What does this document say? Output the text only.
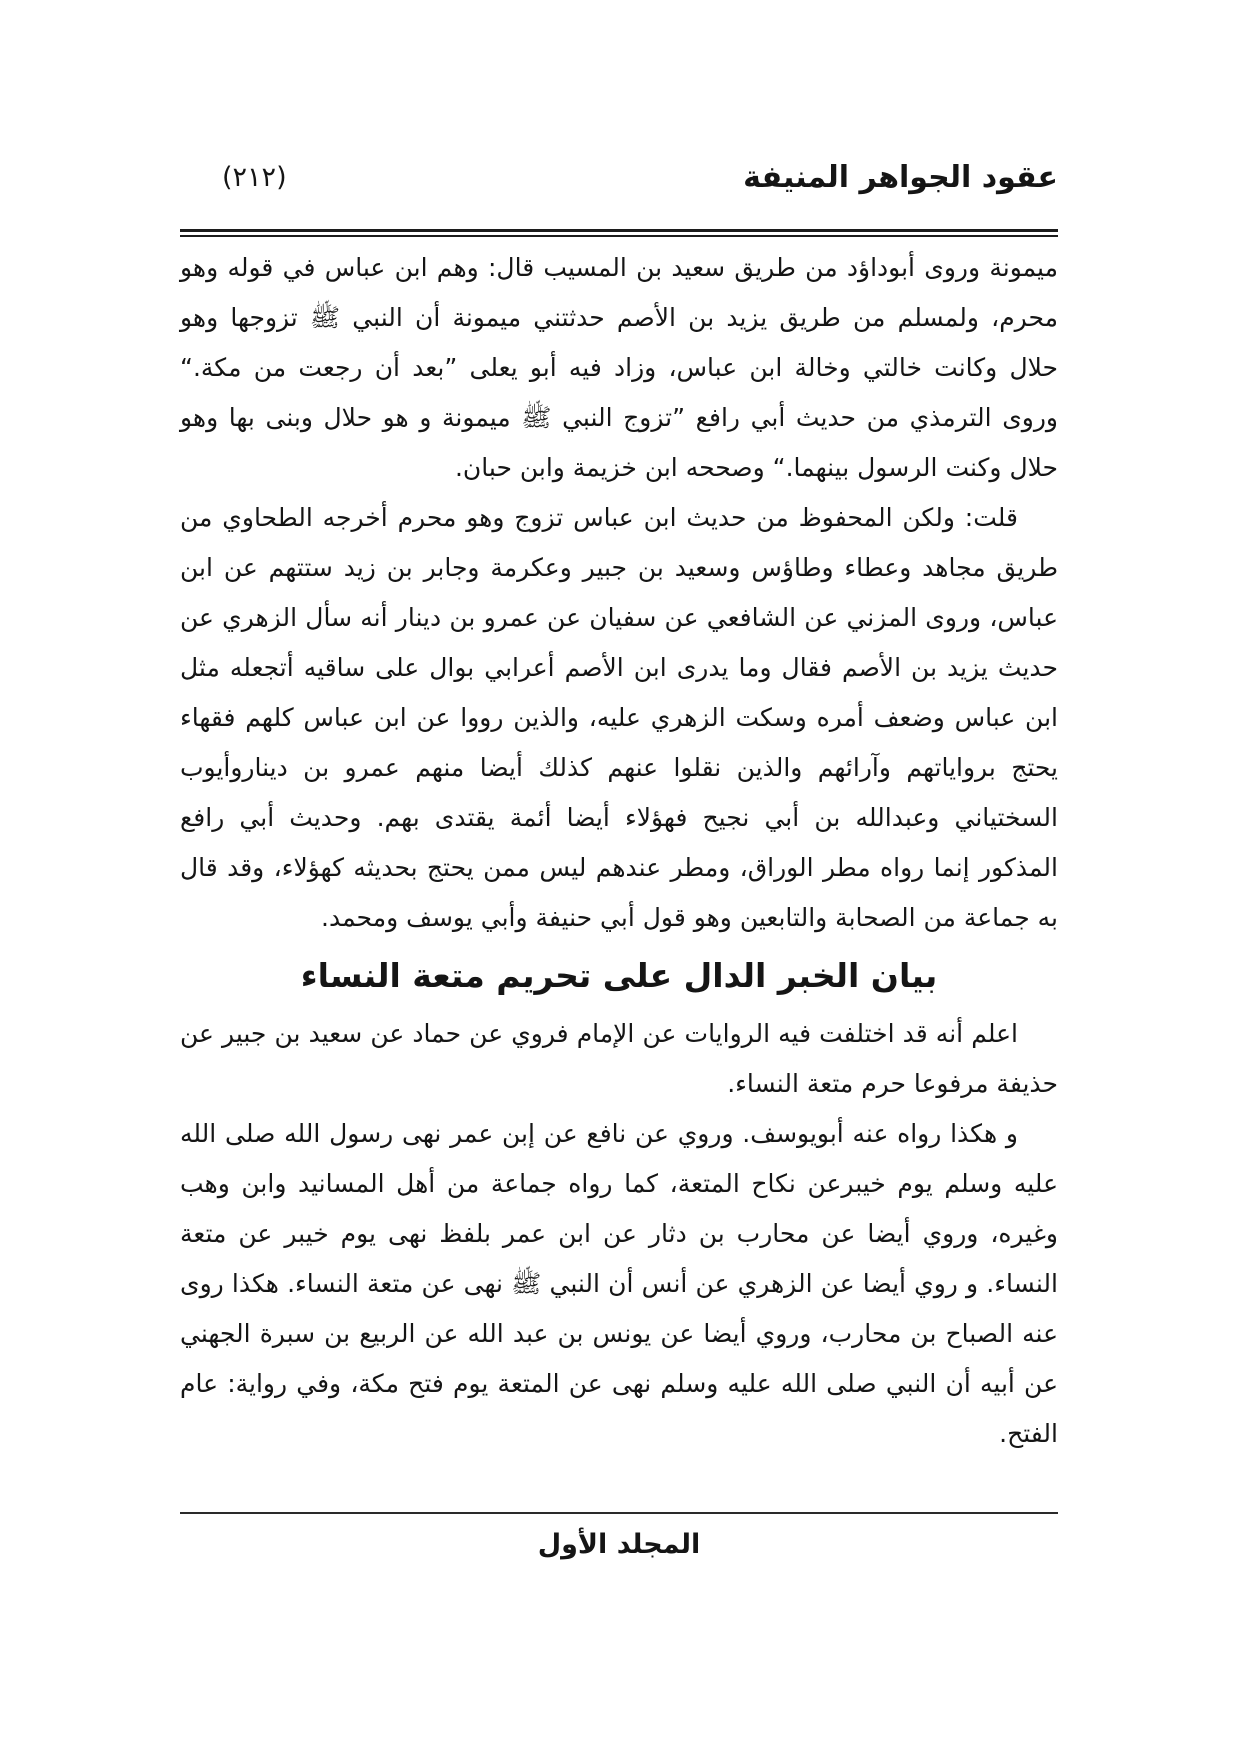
عقود الجواهر المنيفة
(٢١٢)

ميمونة وروى أبوداؤد من طريق سعيد بن المسيب قال: وهم ابن عباس في قوله وهو محرم، ولمسلم من طريق يزيد بن الأصم حدثتني ميمونة أن النبي ﷺ تزوجها وهو حلال وكانت خالتي وخالة ابن عباس، وزاد فيه أبو يعلى ”بعد أن رجعت من مكة.“ وروى الترمذي من حديث أبي رافع ”تزوج النبي ﷺ ميمونة و هو حلال وبنى بها وهو حلال وكنت الرسول بينهما.“ وصححه ابن خزيمة وابن حبان.

قلت: ولكن المحفوظ من حديث ابن عباس تزوج وهو محرم أخرجه الطحاوي من طريق مجاهد وعطاء وطاؤس وسعيد بن جبير وعكرمة وجابر بن زيد ستتهم عن ابن عباس، وروى المزني عن الشافعي عن سفيان عن عمرو بن دينار أنه سأل الزهري عن حديث يزيد بن الأصم فقال وما يدرى ابن الأصم أعرابي بوال على ساقيه أتجعله مثل ابن عباس وضعف أمره وسكت الزهري عليه، والذين رووا عن ابن عباس كلهم فقهاء يحتج برواياتهم وآرائهم والذين نقلوا عنهم كذلك أيضا منهم عمرو بن ديناروأيوب السختياني وعبدالله بن أبي نجيح فهؤلاء أيضا أئمة يقتدى بهم. وحديث أبي رافع المذكور إنما رواه مطر الوراق، ومطر عندهم ليس ممن يحتج بحديثه كهؤلاء، وقد قال به جماعة من الصحابة والتابعين وهو قول أبي حنيفة وأبي يوسف ومحمد.

بيان الخبر الدال على تحريم متعة النساء

اعلم أنه قد اختلفت فيه الروايات عن الإمام فروي عن حماد عن سعيد بن جبير عن حذيفة مرفوعا حرم متعة النساء.

و هكذا رواه عنه أبويوسف. وروي عن نافع عن إبن عمر نهى رسول الله صلى الله عليه وسلم يوم خيبرعن نكاح المتعة، كما رواه جماعة من أهل المسانيد وابن وهب وغيره، وروي أيضا عن محارب بن دثار عن ابن عمر بلفظ نهى يوم خيبر عن متعة النساء. و روي أيضا عن الزهري عن أنس أن النبي ﷺ نهى عن متعة النساء. هكذا روى عنه الصباح بن محارب، وروي أيضا عن يونس بن عبد الله عن الربيع بن سبرة الجهني عن أبيه أن النبي صلى الله عليه وسلم نهى عن المتعة يوم فتح مكة، وفي رواية: عام الفتح.

المجلد الأول
